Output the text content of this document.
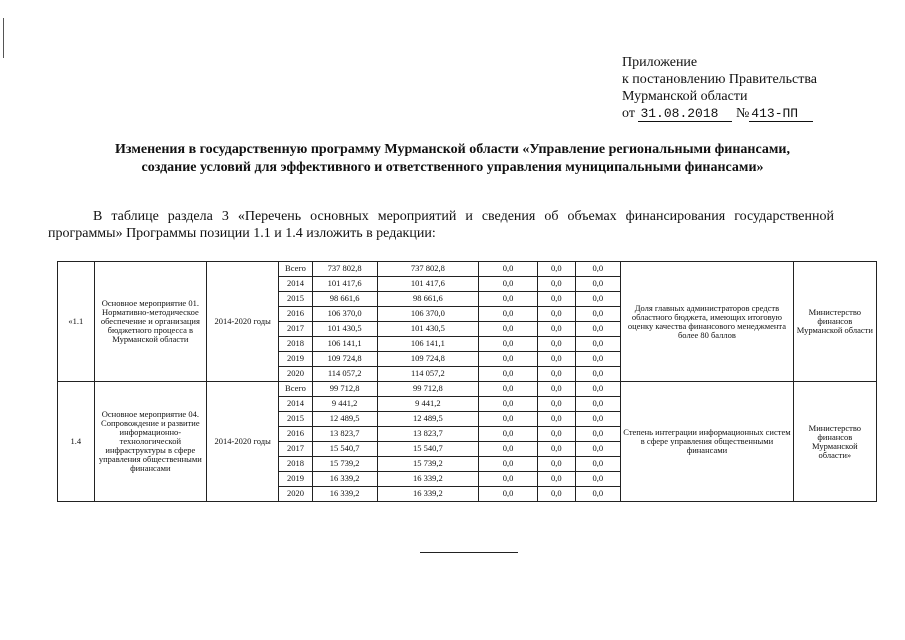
Приложение
к постановлению Правительства
Мурманской области
от 31.08.2018 № 413-ПП
Изменения в государственную программу Мурманской области «Управление региональными финансами,
создание условий для эффективного и ответственного управления муниципальными финансами»
В таблице раздела 3 «Перечень основных мероприятий и сведения об объемах финансирования государственной программы» Программы позиции 1.1 и 1.4 изложить в редакции:
«1.1	Основное мероприятие 01. Нормативно-методическое обеспечение и организация бюджетного процесса в Мурманской области	2014-2020 годы	Всего	737 802,8	737 802,8	0,0	0,0	0,0	Доля главных администраторов средств областного бюджета, имеющих итоговую оценку качества финансового менеджмента более 80 баллов	Министерство финансов Мурманской области
			2014	101 417,6	101 417,6	0,0	0,0	0,0		
			2015	98 661,6	98 661,6	0,0	0,0	0,0		
			2016	106 370,0	106 370,0	0,0	0,0	0,0		
			2017	101 430,5	101 430,5	0,0	0,0	0,0		
			2018	106 141,1	106 141,1	0,0	0,0	0,0		
			2019	109 724,8	109 724,8	0,0	0,0	0,0		
			2020	114 057,2	114 057,2	0,0	0,0	0,0		
1.4	Основное мероприятие 04. Сопровождение и развитие информационно-технологической инфраструктуры в сфере управления общественными финансами	2014-2020 годы	Всего	99 712,8	99 712,8	0,0	0,0	0,0	Степень интеграции информационных систем в сфере управления общественными финансами	Министерство финансов Мурманской области»
			2014	9 441,2	9 441,2	0,0	0,0	0,0		
			2015	12 489,5	12 489,5	0,0	0,0	0,0		
			2016	13 823,7	13 823,7	0,0	0,0	0,0		
			2017	15 540,7	15 540,7	0,0	0,0	0,0		
			2018	15 739,2	15 739,2	0,0	0,0	0,0		
			2019	16 339,2	16 339,2	0,0	0,0	0,0		
			2020	16 339,2	16 339,2	0,0	0,0	0,0		
